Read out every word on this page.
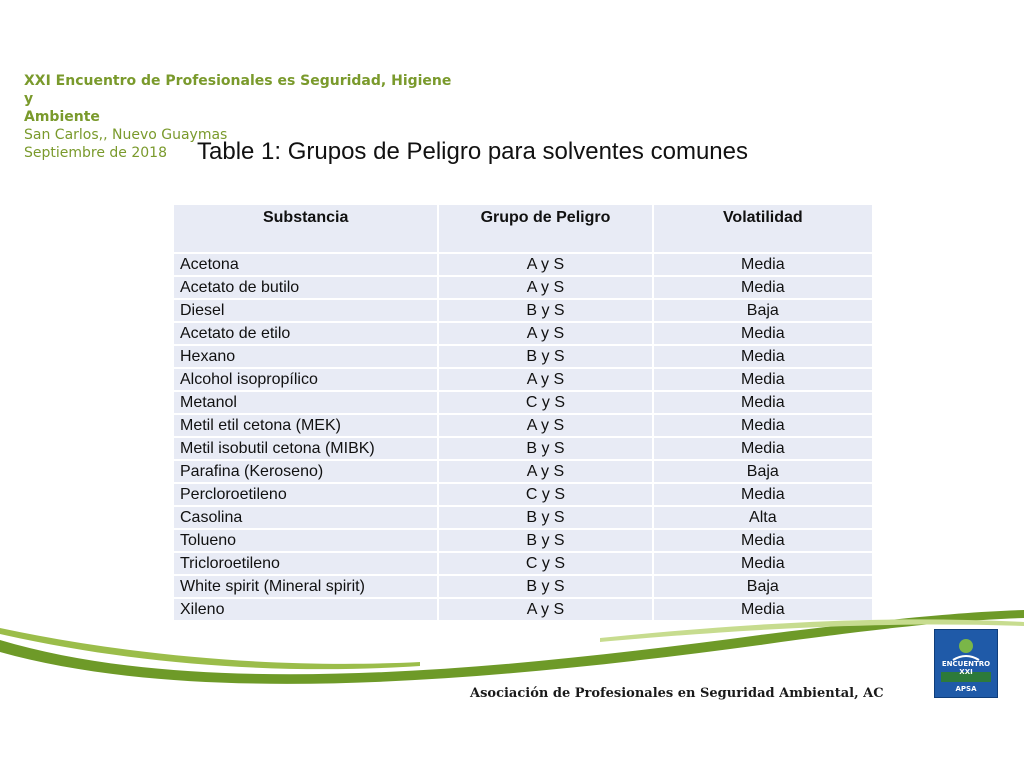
XXI Encuentro de Profesionales es Seguridad, Higiene y
Ambiente
San Carlos,, Nuevo Guaymas
Septiembre de 2018	Table 1: Grupos de Peligro para solventes comunes
Substancia	Grupo de Peligro	Volatilidad
Acetona	A y S	Media
Acetato de butilo	A y S	Media
Diesel	B y S	Baja
Acetato de etilo	A y S	Media
Hexano	B y S	Media
Alcohol isopropílico	A y S	Media
Metanol	C y S	Media
Metil etil cetona (MEK)	A y S	Media
Metil isobutil cetona (MIBK)	B y S	Media
Parafina (Keroseno)	A y S	Baja
Percloroetileno	C y S	Media
Casolina	B y S	Alta
Tolueno	B y S	Media
Tricloroetileno	C y S	Media
White spirit (Mineral spirit)	B y S	Baja
Xileno	A y S	Media
Asociación de Profesionales en Seguridad Ambiental, AC
ENCUENTRO XXI
APSA
